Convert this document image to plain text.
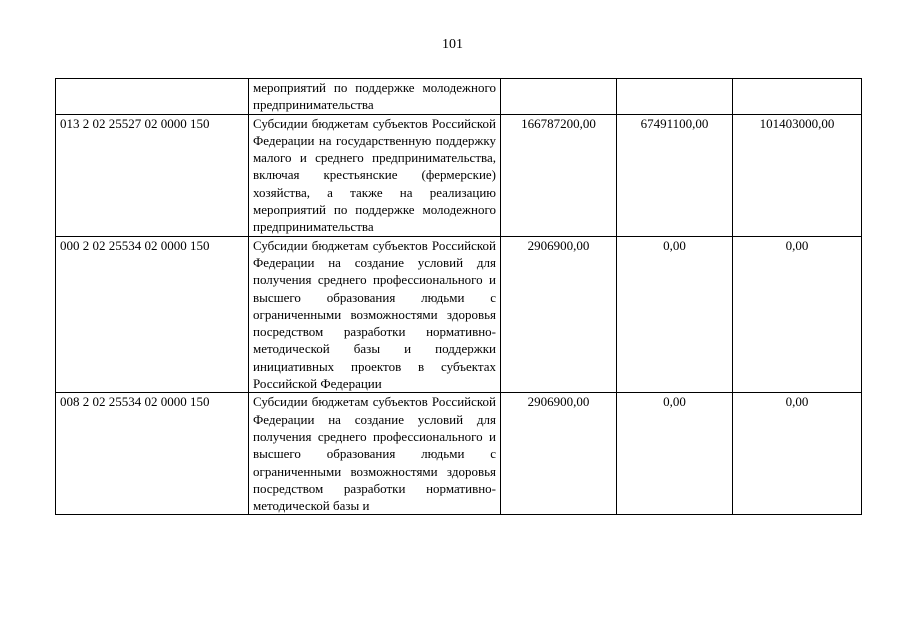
101
	мероприятий по поддержке молодежного предпринимательства			
013 2 02 25527 02 0000 150	Субсидии бюджетам субъектов Российской Федерации на государственную поддержку малого и среднего предпринимательства, включая крестьянские (фермерские) хозяйства, а также на реализацию мероприятий по поддержке молодежного предпринимательства	166787200,00	67491100,00	101403000,00
000 2 02 25534 02 0000 150	Субсидии бюджетам субъектов Российской Федерации на создание условий для получения среднего профессионального и высшего образования людьми с ограниченными возможностями здоровья посредством разработки нормативно-методической базы и поддержки инициативных проектов в субъектах Российской Федерации	2906900,00	0,00	0,00
008 2 02 25534 02 0000 150	Субсидии бюджетам субъектов Российской Федерации на создание условий для получения среднего профессионального и высшего образования людьми с ограниченными возможностями здоровья посредством разработки нормативно-методической базы и	2906900,00	0,00	0,00
